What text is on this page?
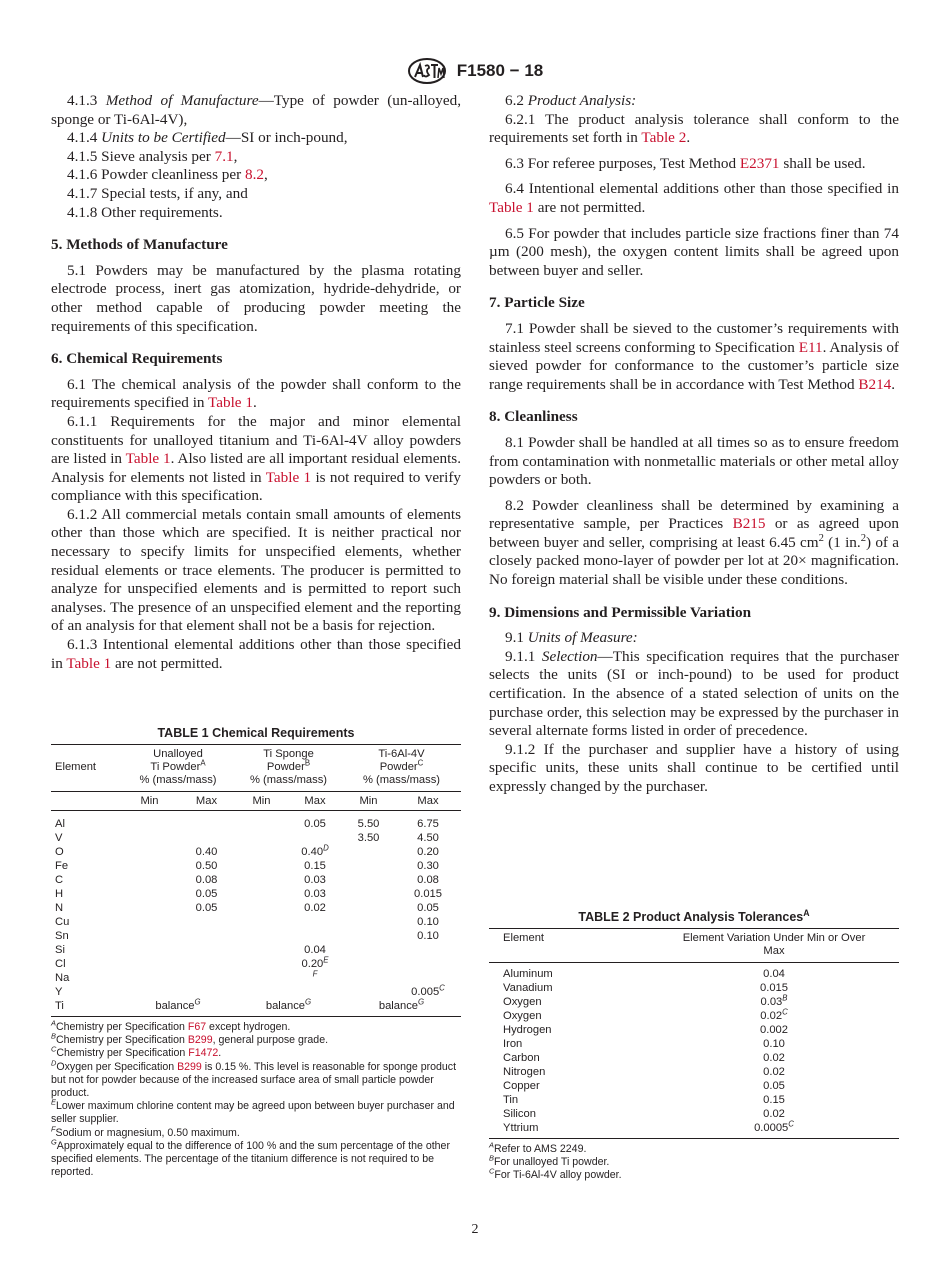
F1580 − 18

4.1.3 Method of Manufacture—Type of powder (un-alloyed, sponge or Ti-6Al-4V),

4.1.4 Units to be Certified—SI or inch-pound,

4.1.5 Sieve analysis per 7.1,

4.1.6 Powder cleanliness per 8.2,

4.1.7 Special tests, if any, and

4.1.8 Other requirements.

5. Methods of Manufacture

5.1 Powders may be manufactured by the plasma rotating electrode process, inert gas atomization, hydride-dehydride, or other method capable of producing powder meeting the requirements of this specification.

6. Chemical Requirements

6.1 The chemical analysis of the powder shall conform to the requirements specified in Table 1.

6.1.1 Requirements for the major and minor elemental constituents for unalloyed titanium and Ti-6Al-4V alloy powders are listed in Table 1. Also listed are all important residual elements. Analysis for elements not listed in Table 1 is not required to verify compliance with this specification.

6.1.2 All commercial metals contain small amounts of elements other than those which are specified. It is neither practical nor necessary to specify limits for unspecified elements, whether residual elements or trace elements. The producer is permitted to analyze for unspecified elements and is permitted to report such analyses. The presence of an unspecified element and the reporting of an analysis for that element shall not be a basis for rejection.

6.1.3 Intentional elemental additions other than those specified in Table 1 are not permitted.

6.2 Product Analysis:

6.2.1 The product analysis tolerance shall conform to the requirements set forth in Table 2.

6.3 For referee purposes, Test Method E2371 shall be used.

6.4 Intentional elemental additions other than those specified in Table 1 are not permitted.

6.5 For powder that includes particle size fractions finer than 74 µm (200 mesh), the oxygen content limits shall be agreed upon between buyer and seller.

7. Particle Size

7.1 Powder shall be sieved to the customer’s requirements with stainless steel screens conforming to Specification E11. Analysis of sieved powder for conformance to the customer’s particle size range requirements shall be in accordance with Test Method B214.

8. Cleanliness

8.1 Powder shall be handled at all times so as to ensure freedom from contamination with nonmetallic materials or other metal alloy powders or both.

8.2 Powder cleanliness shall be determined by examining a representative sample, per Practices B215 or as agreed upon between buyer and seller, comprising at least 6.45 $cm^2$ (1 in.$^2$) of a closely packed mono-layer of powder per lot at 20× magnification. No foreign material shall be visible under these conditions.

9. Dimensions and Permissible Variation

9.1 Units of Measure:

9.1.1 Selection—This specification requires that the purchaser selects the units (SI or inch-pound) to be used for product certification. In the absence of a stated selection of units on the purchase order, this selection may be expressed by the purchaser in several alternate forms listed in order of precedence.

9.1.2 If the purchaser and supplier have a history of using specific units, these units shall continue to be certified until expressly changed by the purchaser.

TABLE 1 Chemical Requirements
Element	Unalloyed
Ti Powder$^A$
% (mass/mass)		Ti Sponge
Powder$^B$
% (mass/mass)		Ti-6Al-4V
Powder$^C$
% (mass/mass)	
	Min	Max	Min	Max	Min	Max
Al				0.05	5.50	6.75
V					3.50	4.50
O		0.40		$0.40^D$		0.20
Fe		0.50		0.15		0.30
C		0.08		0.03		0.08
H		0.05		0.03		0.015
N		0.05		0.02		0.05
Cu						0.10
Sn						0.10
Si				0.04		
Cl				$0.20^E$		
Na				$^F$		
Y						$0.005^C$
Ti	balance$^G$		balance$^G$		balance$^G$

$^A$Chemistry per Specification F67 except hydrogen.

$^B$Chemistry per Specification B299, general purpose grade.

$^C$Chemistry per Specification F1472.

$^D$Oxygen per Specification B299 is 0.15 %. This level is reasonable for sponge product but not for powder because of the increased surface area of small particle powder product.

$^E$Lower maximum chlorine content may be agreed upon between buyer purchaser and seller supplier.

$^F$Sodium or magnesium, 0.50 maximum.

$^G$Approximately equal to the difference of 100 % and the sum percentage of the other specified elements. The percentage of the titanium difference is not required to be reported.

TABLE 2 Product Analysis Tolerances$^A$
Element	Element Variation Under Min or Over
Max
Aluminum	0.04
Vanadium	0.015
Oxygen	$0.03^B$
Oxygen	$0.02^C$
Hydrogen	0.002
Iron	0.10
Carbon	0.02
Nitrogen	0.02
Copper	0.05
Tin	0.15
Silicon	0.02
Yttrium	$0.0005^C$

$^A$Refer to AMS 2249.

$^B$For unalloyed Ti powder.

$^C$For Ti-6Al-4V alloy powder.

2
